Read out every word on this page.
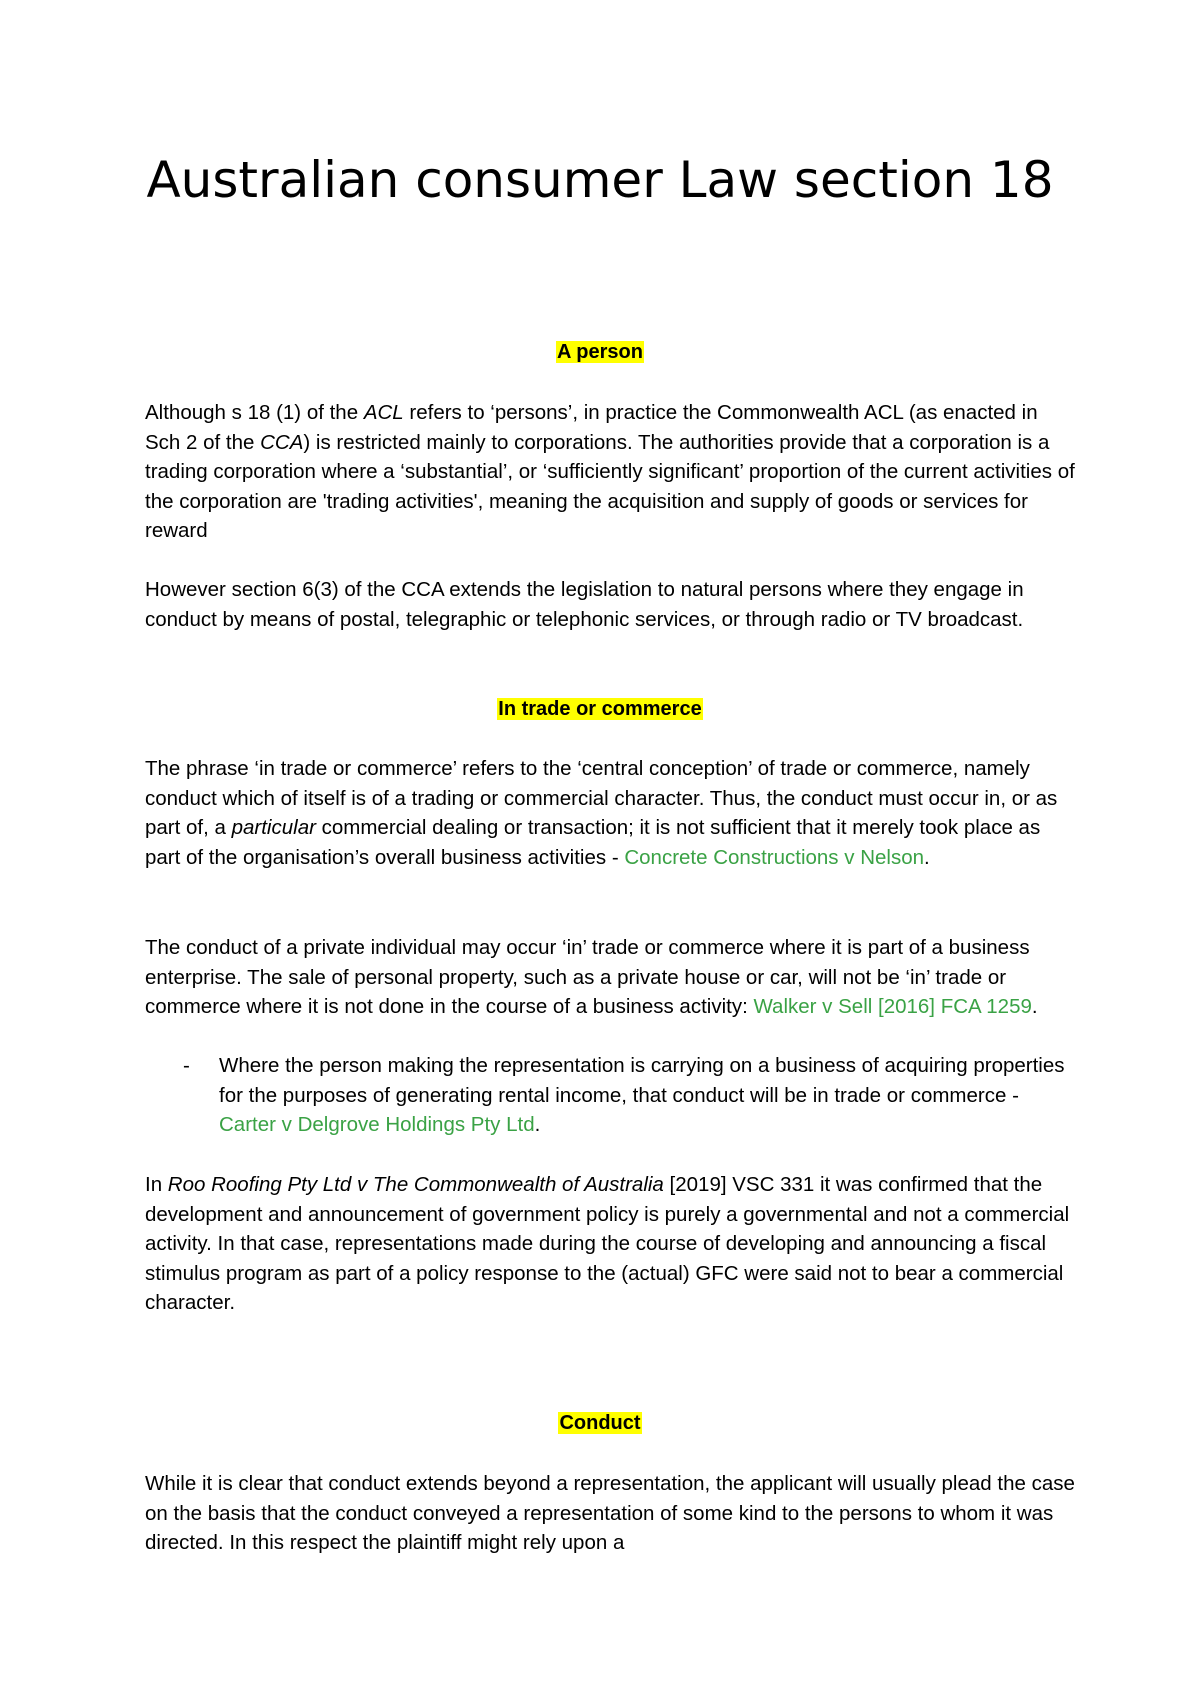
Australian consumer Law section 18
A person

Although s 18 (1) of the ACL refers to ‘persons’, in practice the Commonwealth ACL (as enacted in Sch 2 of the CCA) is restricted mainly to corporations. The authorities provide that a corporation is a trading corporation where a ‘substantial’, or ‘sufficiently significant’ proportion of the current activities of the corporation are 'trading activities', meaning the acquisition and supply of goods or services for reward

However section 6(3) of the CCA extends the legislation to natural persons where they engage in conduct by means of postal, telegraphic or telephonic services, or through radio or TV broadcast.

In trade or commerce

The phrase ‘in trade or commerce’ refers to the ‘central conception’ of trade or commerce, namely conduct which of itself is of a trading or commercial character. Thus, the conduct must occur in, or as part of, a particular commercial dealing or transaction; it is not sufficient that it merely took place as part of the organisation’s overall business activities - Concrete Constructions v Nelson.

The conduct of a private individual may occur ‘in’ trade or commerce where it is part of a business enterprise. The sale of personal property, such as a private house or car, will not be ‘in’ trade or commerce where it is not done in the course of a business activity: Walker v Sell [2016] FCA 1259.

- Where the person making the representation is carrying on a business of acquiring properties for the purposes of generating rental income, that conduct will be in trade or commerce - Carter v Delgrove Holdings Pty Ltd.

In Roo Roofing Pty Ltd v The Commonwealth of Australia [2019] VSC 331 it was confirmed that the development and announcement of government policy is purely a governmental and not a commercial activity. In that case, representations made during the course of developing and announcing a fiscal stimulus program as part of a policy response to the (actual) GFC were said not to bear a commercial character.

Conduct

While it is clear that conduct extends beyond a representation, the applicant will usually plead the case on the basis that the conduct conveyed a representation of some kind to the persons to whom it was directed. In this respect the plaintiff might rely upon a
